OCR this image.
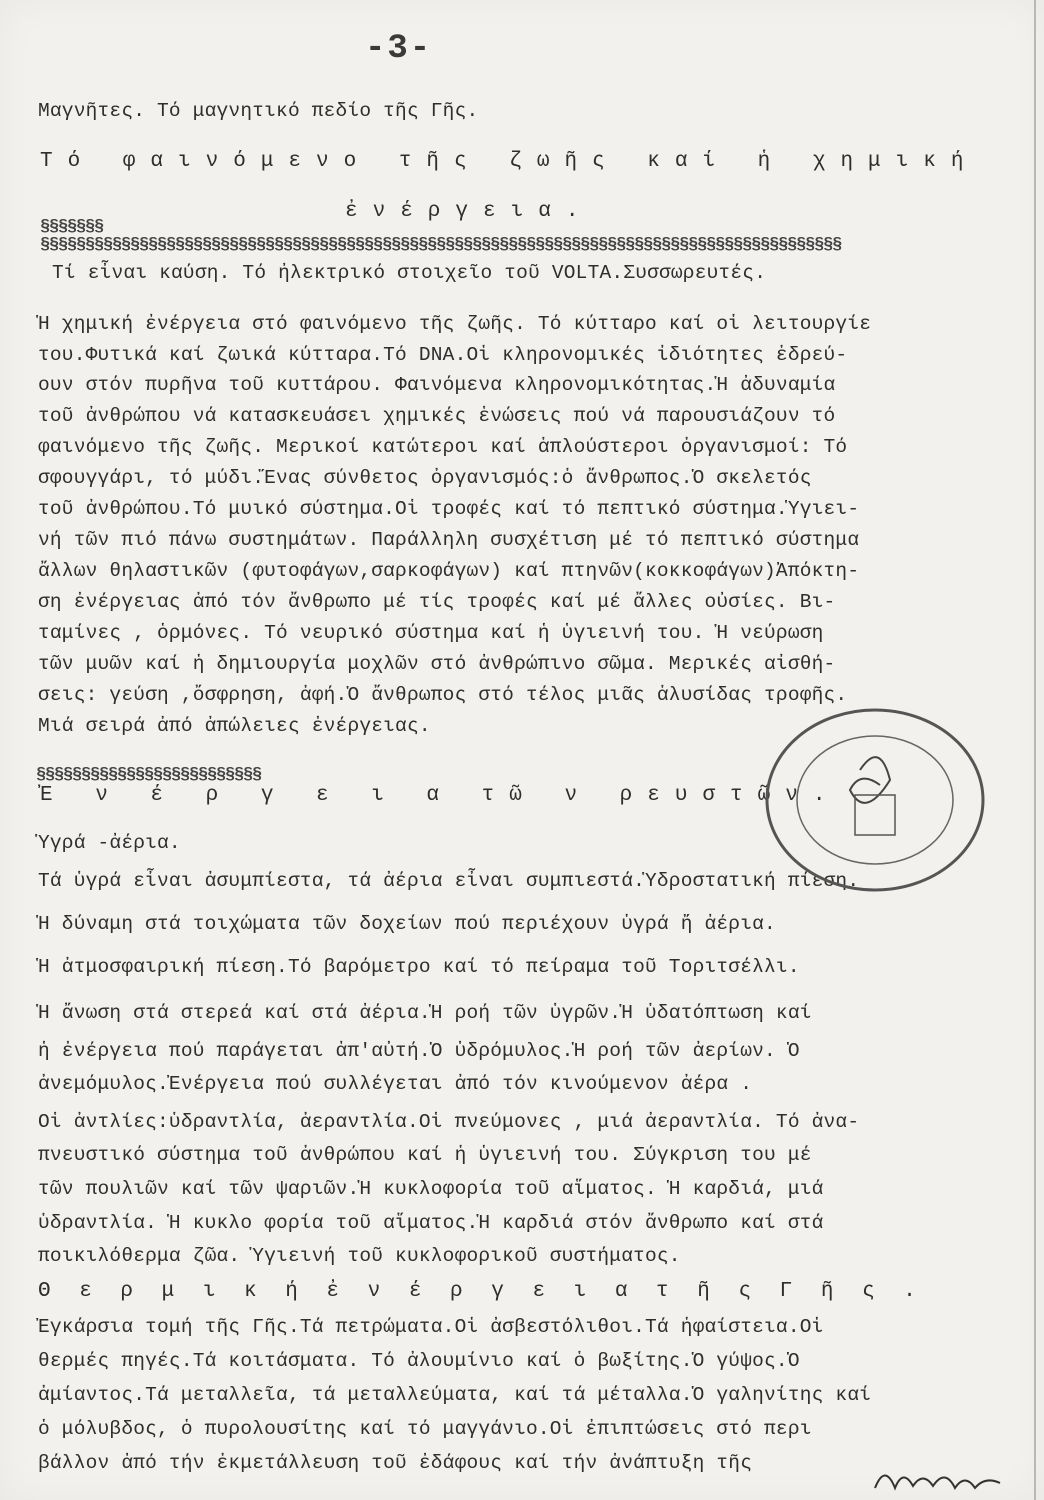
-3-
Μαγνῆτες. Τό μαγνητικό πεδίο τῆς Γῆς.
Τό φαινόμενο τῆς ζωῆς καί ἡ χημική
ἐνέργεια.
§§§§§§§
§§§§§§§§§§§§§§§§§§§§§§§§§§§§§§§§§§§§§§§§§§§§§§§§§§§§§§§§§§§§§§§§§§§§§§§§§§§§§§§§§§§§§§§§§
Τί εἶναι καύση. Τό ἠλεκτρικό στοιχεῖο τοῦ VOLTA.Συσσωρευτές.
Ἡ χημική ἐνέργεια στό φαινόμενο τῆς ζωῆς. Τό κύτταρο καί οἱ λειτουργίε
του.Φυτικά καί ζωικά κύτταρα.Τό DNA.Οἱ κληρονομικές ἰδιότητες ἑδρεύ-
ουν στόν πυρῆνα τοῦ κυττάρου. Φαινόμενα κληρονομικότητας.Ἡ ἀδυναμία
τοῦ ἀνθρώπου νά κατασκευάσει χημικές ἑνώσεις πού νά παρουσιάζουν τό
φαινόμενο τῆς ζωῆς. Μερικοί κατώτεροι καί ἁπλούστεροι ὀργανισμοί: Τό
σφουγγάρι, τό μύδι.Ἕνας σύνθετος ὀργανισμός:ὁ ἄνθρωπος.Ὁ σκελετός
τοῦ ἀνθρώπου.Τό μυικό σύστημα.Οἱ τροφές καί τό πεπτικό σύστημα.Ὑγιει-
νή τῶν πιό πάνω συστημάτων. Παράλληλη συσχέτιση μέ τό πεπτικό σύστημα
ἄλλων θηλαστικῶν (φυτοφάγων,σαρκοφάγων) καί πτηνῶν(κοκκοφάγων)Ἀπόκτη-
ση ἐνέργειας ἀπό τόν ἄνθρωπο μέ τίς τροφές καί μέ ἄλλες οὐσίες. Βι-
ταμίνες , ὁρμόνες. Τό νευρικό σύστημα καί ἡ ὑγιεινή του. Ἡ νεύρωση
τῶν μυῶν καί ἡ δημιουργία μοχλῶν στό ἀνθρώπινο σῶμα. Μερικές αἰσθή-
σεις: γεύση ,ὄσφρηση, ἀφή.Ὁ ἄνθρωπος στό τέλος μιᾶς ἁλυσίδας τροφῆς.
Μιά σειρά ἀπό ἀπώλειες ἐνέργειας.
§§§§§§§§§§§§§§§§§§§§§§§§§
Ἐ ν έ ρ γ ε ι α τῶ ν ρευστῶν.
Ὑγρά -ἀέρια.
Τά ὑγρά εἶναι ἀσυμπίεστα, τά ἀέρια εἶναι συμπιεστά.Ὑδροστατική πίεση.
Ἡ δύναμη στά τοιχώματα τῶν δοχείων πού περιέχουν ὑγρά ἤ ἀέρια.
Ἡ ἀτμοσφαιρική πίεση.Τό βαρόμετρο καί τό πείραμα τοῦ Τοριτσέλλι.
Ἡ ἄνωση στά στερεά καί στά ἀέρια.Ἡ ροή τῶν ὑγρῶν.Ἡ ὑδατόπτωση καί
ἡ ἐνέργεια πού παράγεται ἀπ'αὐτή.Ὁ ὑδρόμυλος.Ἡ ροή τῶν ἀερίων. Ὁ
ἀνεμόμυλος.Ἐνέργεια πού συλλέγεται ἀπό τόν κινούμενον ἀέρα .
Οἱ ἀντλίες:ὑδραντλία, ἀεραντλία.Οἱ πνεύμονες , μιά ἀεραντλία. Τό ἀνα-
πνευστικό σύστημα τοῦ ἀνθρώπου καί ἡ ὑγιεινή του. Σύγκριση του μέ
τῶν πουλιῶν καί τῶν ψαριῶν.Ἡ κυκλοφορία τοῦ αἵματος. Ἡ καρδιά, μιά
ὑδραντλία. Ἡ κυκλο φορία τοῦ αἵματος.Ἡ καρδιά στόν ἄνθρωπο καί στά
ποικιλόθερμα ζῶα. Ὑγιεινή τοῦ κυκλοφορικοῦ συστήματος.
Θ ε ρ μ ι κ ή ἐ ν έ ρ γ ε ι α τ ῆ ς Γ ῆ ς .
Ἐγκάρσια τομή τῆς Γῆς.Τά πετρώματα.Οἱ ἀσβεστόλιθοι.Τά ἡφαίστεια.Οἱ
θερμές πηγές.Τά κοιτάσματα. Τό ἀλουμίνιο καί ὁ βωξίτης.Ὁ γύψος.Ὁ
ἀμίαντος.Τά μεταλλεῖα, τά μεταλλεύματα, καί τά μέταλλα.Ὁ γαληνίτης καί
ὁ μόλυβδος, ὁ πυρολουσίτης καί τό μαγγάνιο.Οἱ ἐπιπτώσεις στό περι
βάλλον ἀπό τήν ἐκμετάλλευση τοῦ ἐδάφους καί τήν ἀνάπτυξη τῆς
